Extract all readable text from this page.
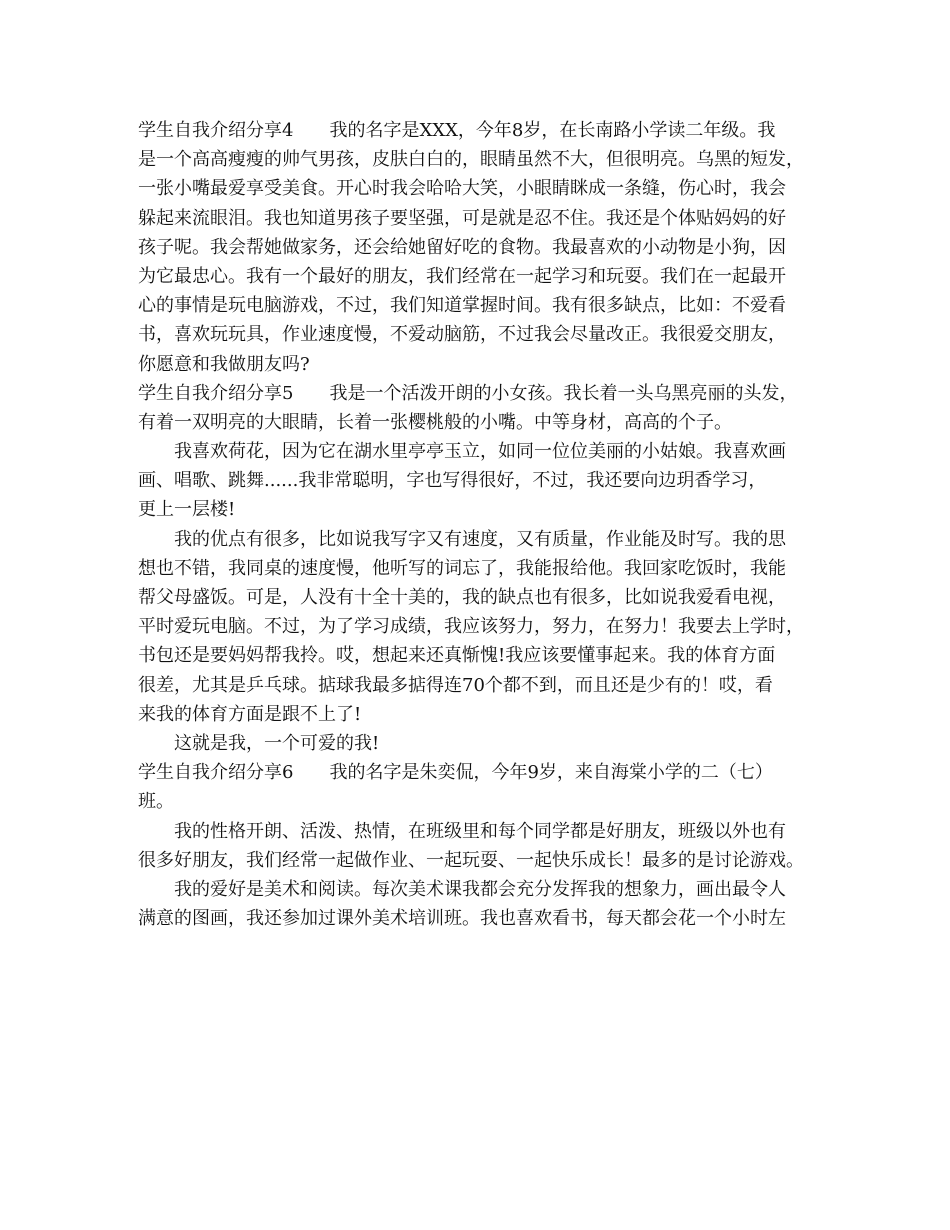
学生自我介绍分享4　　我的名字是XXX，今年8岁，在长南路小学读二年级。我
是一个高高瘦瘦的帅气男孩，皮肤白白的，眼睛虽然不大，但很明亮。乌黑的短发，
一张小嘴最爱享受美食。开心时我会哈哈大笑，小眼睛眯成一条缝，伤心时，我会
躲起来流眼泪。我也知道男孩子要坚强，可是就是忍不住。我还是个体贴妈妈的好
孩子呢。我会帮她做家务，还会给她留好吃的食物。我最喜欢的小动物是小狗，因
为它最忠心。我有一个最好的朋友，我们经常在一起学习和玩耍。我们在一起最开
心的事情是玩电脑游戏，不过，我们知道掌握时间。我有很多缺点，比如：不爱看
书，喜欢玩玩具，作业速度慢，不爱动脑筋，不过我会尽量改正。我很爱交朋友，
你愿意和我做朋友吗?
学生自我介绍分享5　　我是一个活泼开朗的小女孩。我长着一头乌黑亮丽的头发，
有着一双明亮的大眼睛，长着一张樱桃般的小嘴。中等身材，高高的个子。
我喜欢荷花，因为它在湖水里亭亭玉立，如同一位位美丽的小姑娘。我喜欢画
画、唱歌、跳舞......我非常聪明，字也写得很好，不过，我还要向边玥香学习，
更上一层楼!
我的优点有很多，比如说我写字又有速度，又有质量，作业能及时写。我的思
想也不错，我同桌的速度慢，他听写的词忘了，我能报给他。我回家吃饭时，我能
帮父母盛饭。可是，人没有十全十美的，我的缺点也有很多，比如说我爱看电视，
平时爱玩电脑。不过，为了学习成绩，我应该努力，努力，在努力！我要去上学时，
书包还是要妈妈帮我拎。哎，想起来还真惭愧!我应该要懂事起来。我的体育方面
很差，尤其是乒乓球。掂球我最多掂得连70个都不到，而且还是少有的！哎，看
来我的体育方面是跟不上了!
这就是我，一个可爱的我!
学生自我介绍分享6　　我的名字是朱奕侃，今年9岁，来自海棠小学的二（七）
班。
我的性格开朗、活泼、热情，在班级里和每个同学都是好朋友，班级以外也有
很多好朋友，我们经常一起做作业、一起玩耍、一起快乐成长！最多的是讨论游戏。
我的爱好是美术和阅读。每次美术课我都会充分发挥我的想象力，画出最令人
满意的图画，我还参加过课外美术培训班。我也喜欢看书，每天都会花一个小时左
